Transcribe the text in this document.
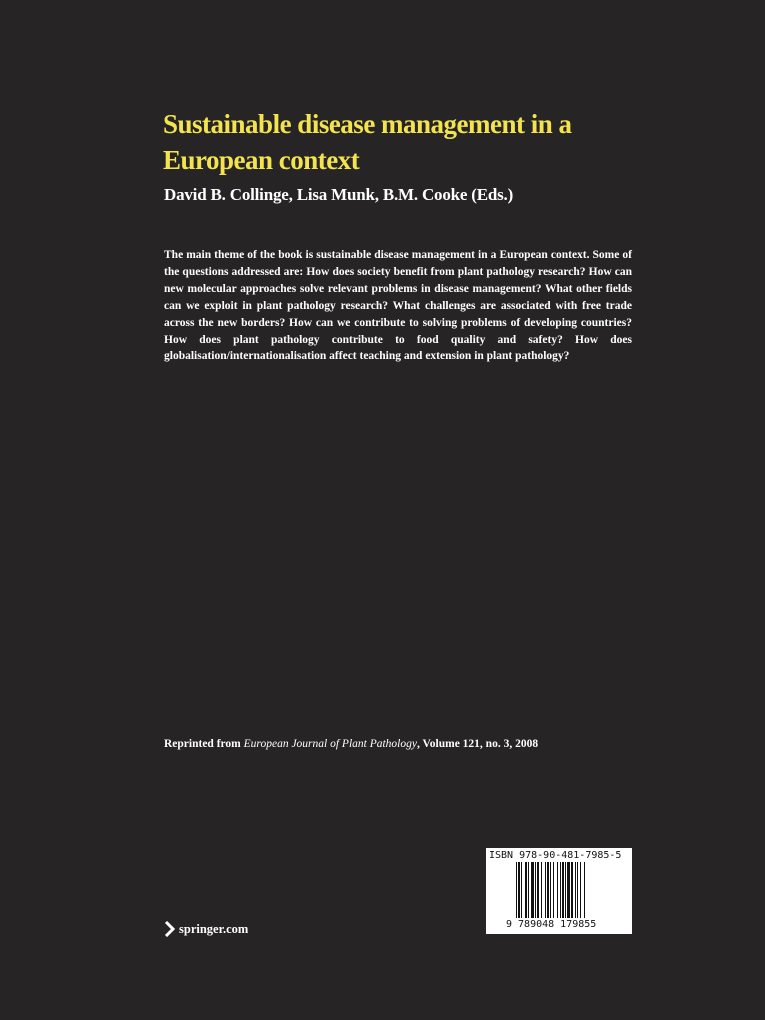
Sustainable disease management in a European context
David B. Collinge, Lisa Munk, B.M. Cooke (Eds.)

The main theme of the book is sustainable disease management in a European context. Some of the questions addressed are: How does society benefit from plant pathology research? How can new molecular approaches solve relevant problems in disease management? What other fields can we exploit in plant pathology research? What challenges are associated with free trade across the new borders? How can we contribute to solving problems of developing countries? How does plant pathology contribute to food quality and safety? How does globalisation/internationalisation affect teaching and extension in plant pathology?

Reprinted from European Journal of Plant Pathology, Volume 121, no. 3, 2008
ISBN 978-90-481-7985-5
9 789048 179855
springer.com
